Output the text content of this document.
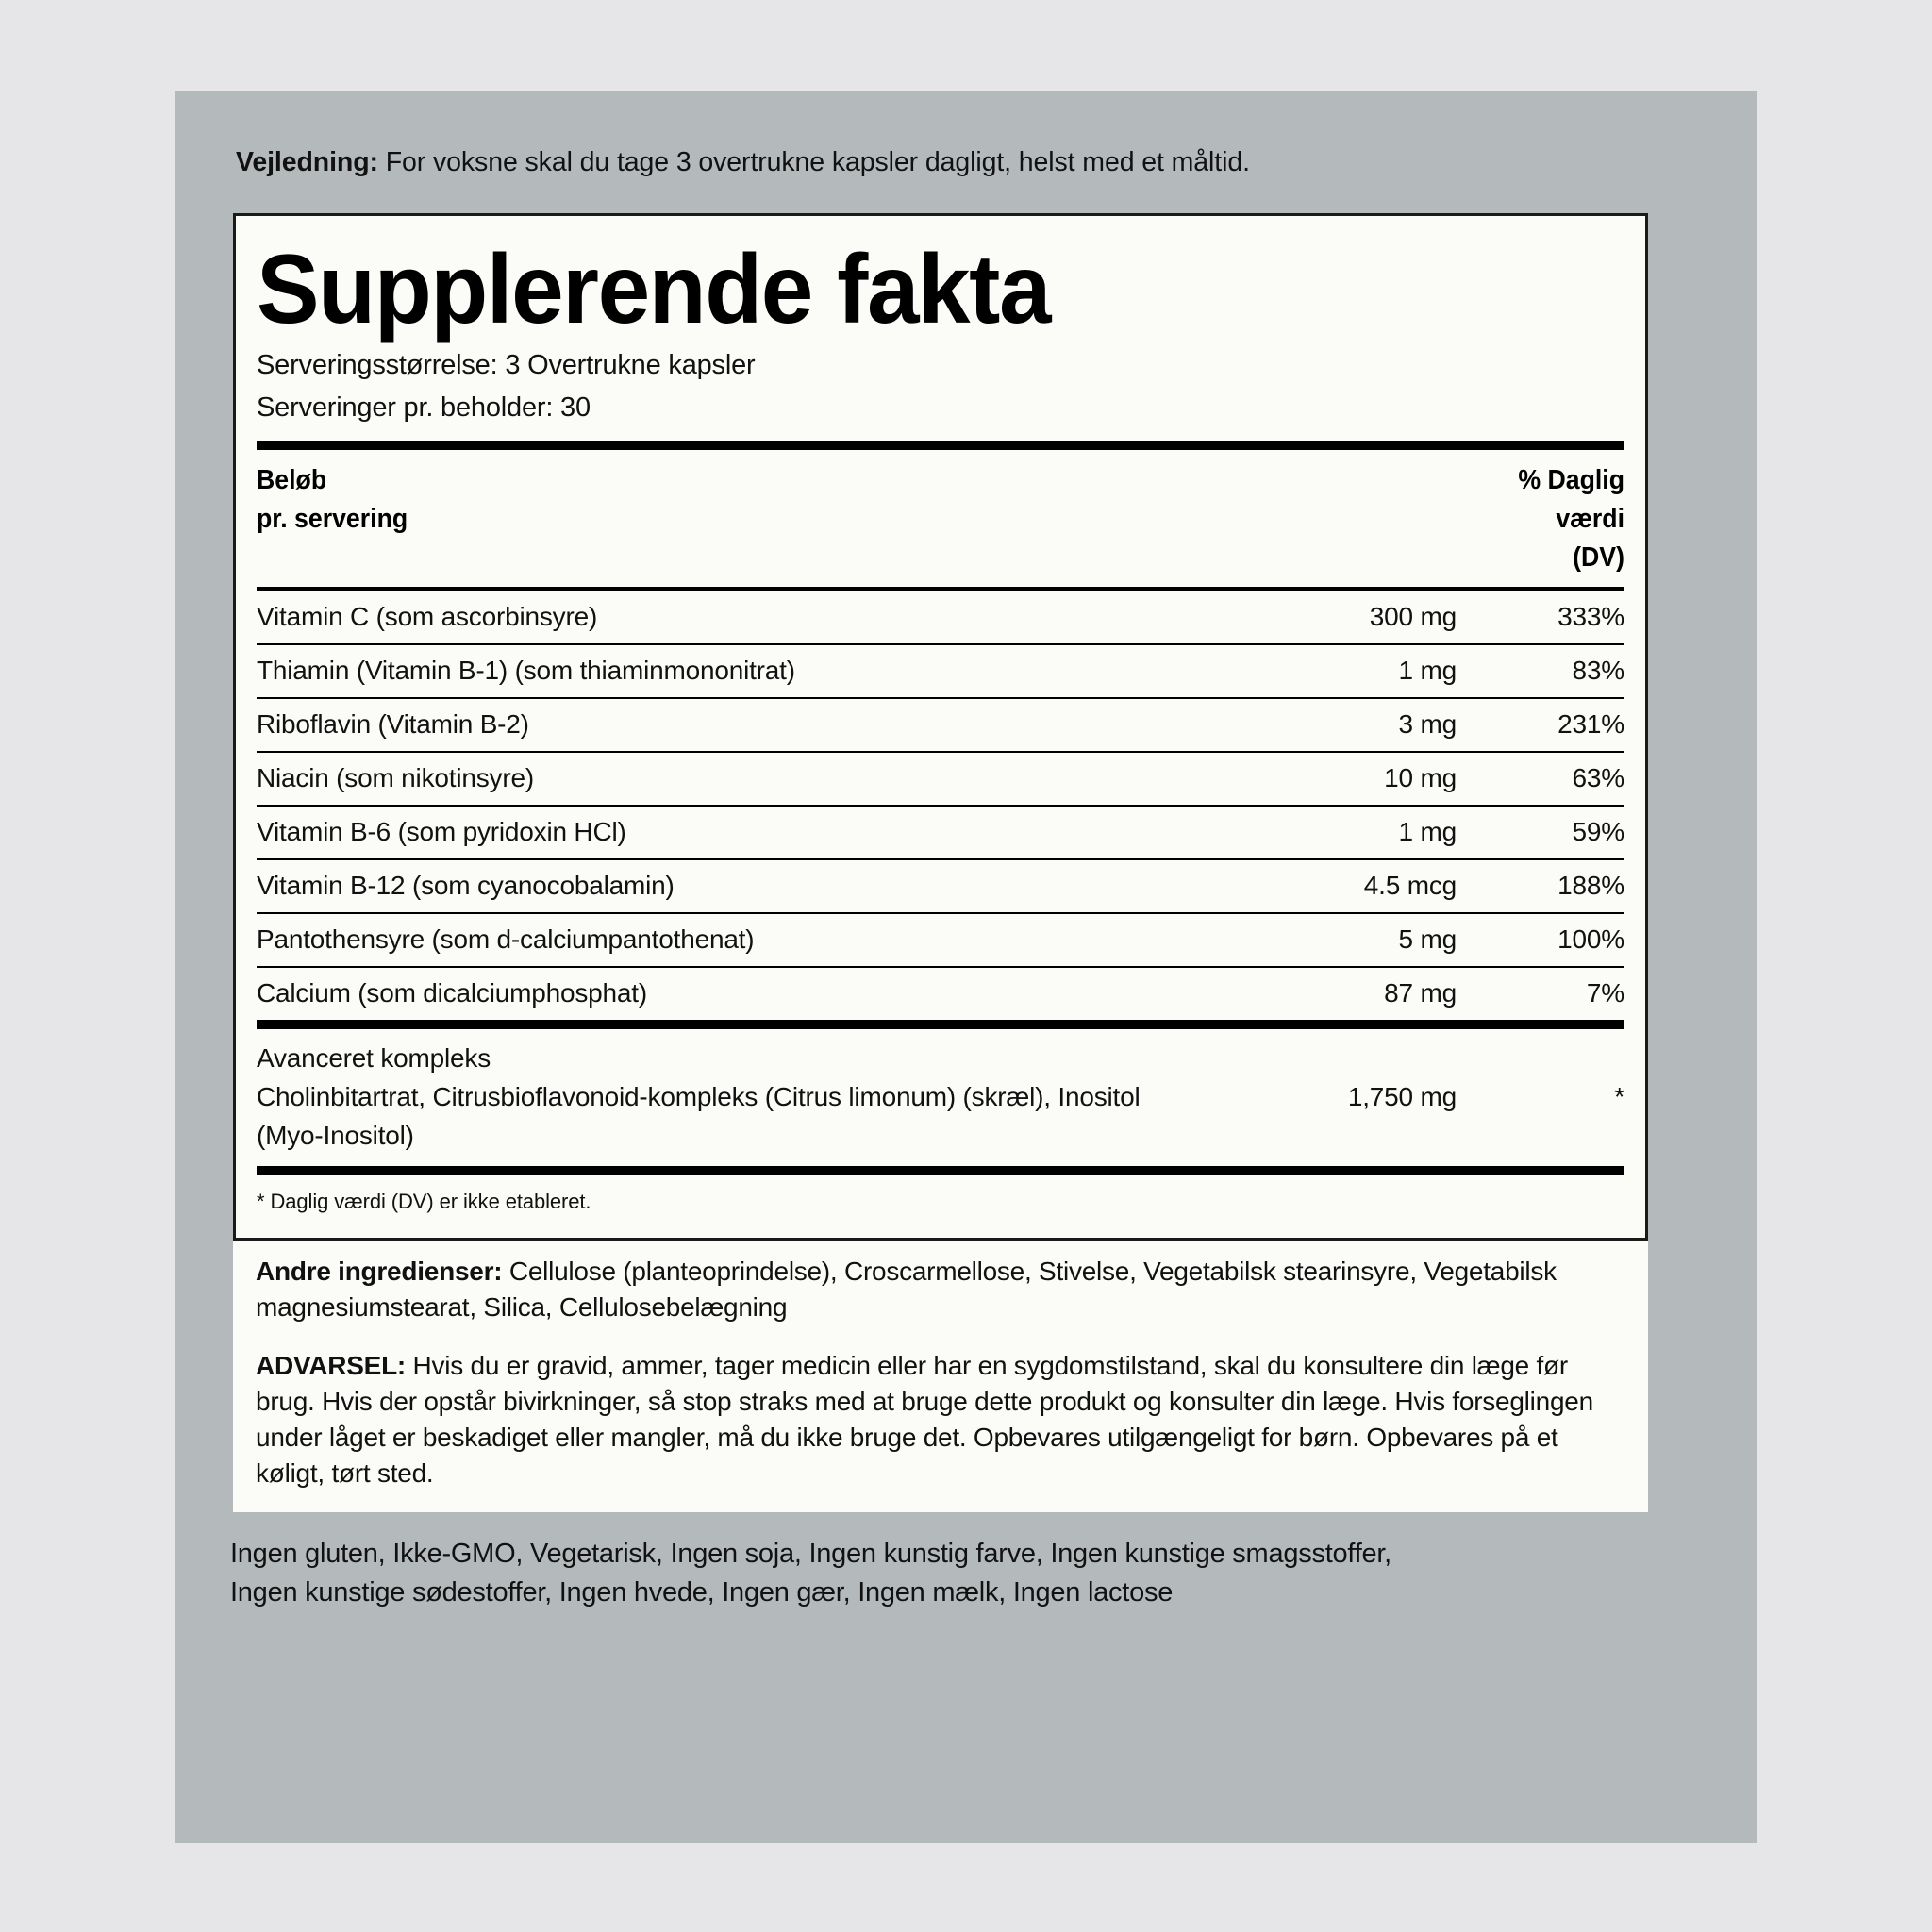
Vejledning: For voksne skal du tage 3 overtrukne kapsler dagligt, helst med et måltid.
Supplerende fakta
Serveringsstørrelse: 3 Overtrukne kapsler
Serveringer pr. beholder: 30
Beløb
pr. servering
% Daglig
værdi
(DV)
Vitamin C (som ascorbinsyre)	300 mg	333%
Thiamin (Vitamin B-1) (som thiaminmononitrat)	1 mg	83%
Riboflavin (Vitamin B-2)	3 mg	231%
Niacin (som nikotinsyre)	10 mg	63%
Vitamin B-6 (som pyridoxin HCl)	1 mg	59%
Vitamin B-12 (som cyanocobalamin)	4.5 mcg	188%
Pantothensyre (som d-calciumpantothenat)	5 mg	100%
Calcium (som dicalciumphosphat)	87 mg	7%
Avanceret kompleks
Cholinbitartrat, Citrusbioflavonoid-kompleks (Citrus limonum) (skræl), Inositol
(Myo-Inositol)
1,750 mg	*
* Daglig værdi (DV) er ikke etableret.
Andre ingredienser: Cellulose (planteoprindelse), Croscarmellose, Stivelse, Vegetabilsk stearinsyre, Vegetabilsk magnesiumstearat, Silica, Cellulosebelægning
ADVARSEL: Hvis du er gravid, ammer, tager medicin eller har en sygdomstilstand, skal du konsultere din læge før brug. Hvis der opstår bivirkninger, så stop straks med at bruge dette produkt og konsulter din læge. Hvis forseglingen under låget er beskadiget eller mangler, må du ikke bruge det. Opbevares utilgængeligt for børn. Opbevares på et køligt, tørt sted.
Ingen gluten, Ikke-GMO, Vegetarisk, Ingen soja, Ingen kunstig farve, Ingen kunstige smagsstoffer,
Ingen kunstige sødestoffer, Ingen hvede, Ingen gær, Ingen mælk, Ingen lactose
